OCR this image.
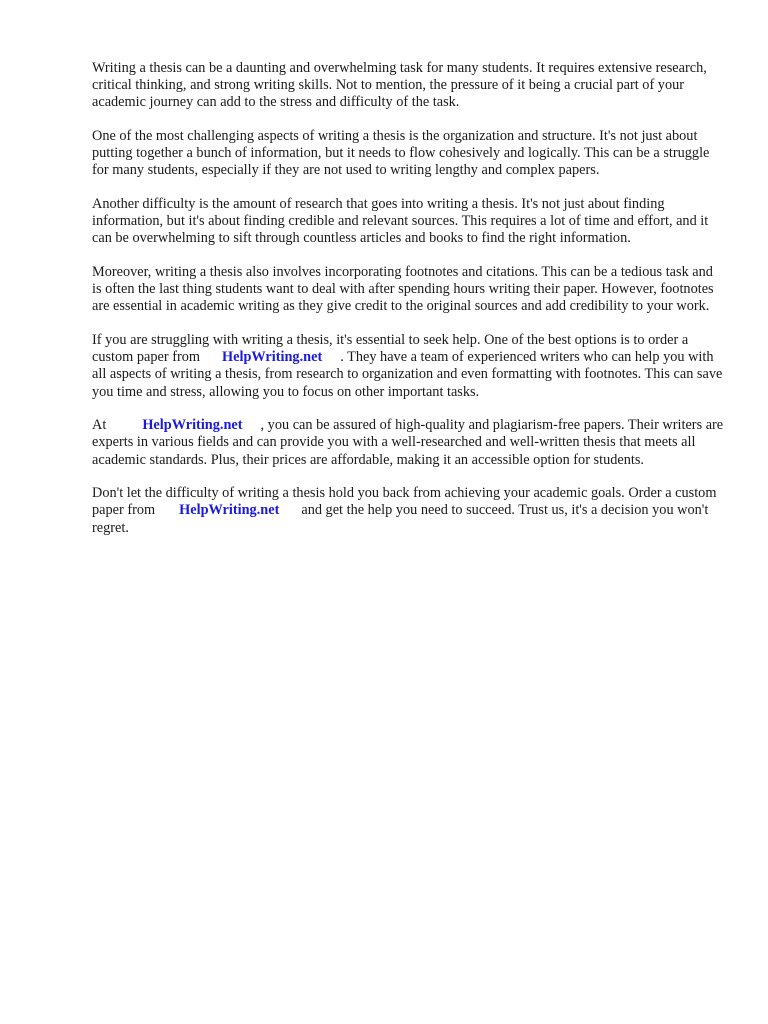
Writing a thesis can be a daunting and overwhelming task for many students. It requires extensive research, critical thinking, and strong writing skills. Not to mention, the pressure of it being a crucial part of your academic journey can add to the stress and difficulty of the task.

One of the most challenging aspects of writing a thesis is the organization and structure. It's not just about putting together a bunch of information, but it needs to flow cohesively and logically. This can be a struggle for many students, especially if they are not used to writing lengthy and complex papers.

Another difficulty is the amount of research that goes into writing a thesis. It's not just about finding information, but it's about finding credible and relevant sources. This requires a lot of time and effort, and it can be overwhelming to sift through countless articles and books to find the right information.

Moreover, writing a thesis also involves incorporating footnotes and citations. This can be a tedious task and is often the last thing students want to deal with after spending hours writing their paper. However, footnotes are essential in academic writing as they give credit to the original sources and add credibility to your work.

If you are struggling with writing a thesis, it's essential to seek help. One of the best options is to order a custom paper from HelpWriting.net . They have a team of experienced writers who can help you with all aspects of writing a thesis, from research to organization and even formatting with footnotes. This can save you time and stress, allowing you to focus on other important tasks.

At	HelpWriting.net , you can be assured of high-quality and plagiarism-free papers. Their writers are experts in various fields and can provide you with a well-researched and well-written thesis that meets all academic standards. Plus, their prices are affordable, making it an accessible option for students.

Don't let the difficulty of writing a thesis hold you back from achieving your academic goals. Order a custom paper from HelpWriting.net and get the help you need to succeed. Trust us, it's a decision you won't regret.
